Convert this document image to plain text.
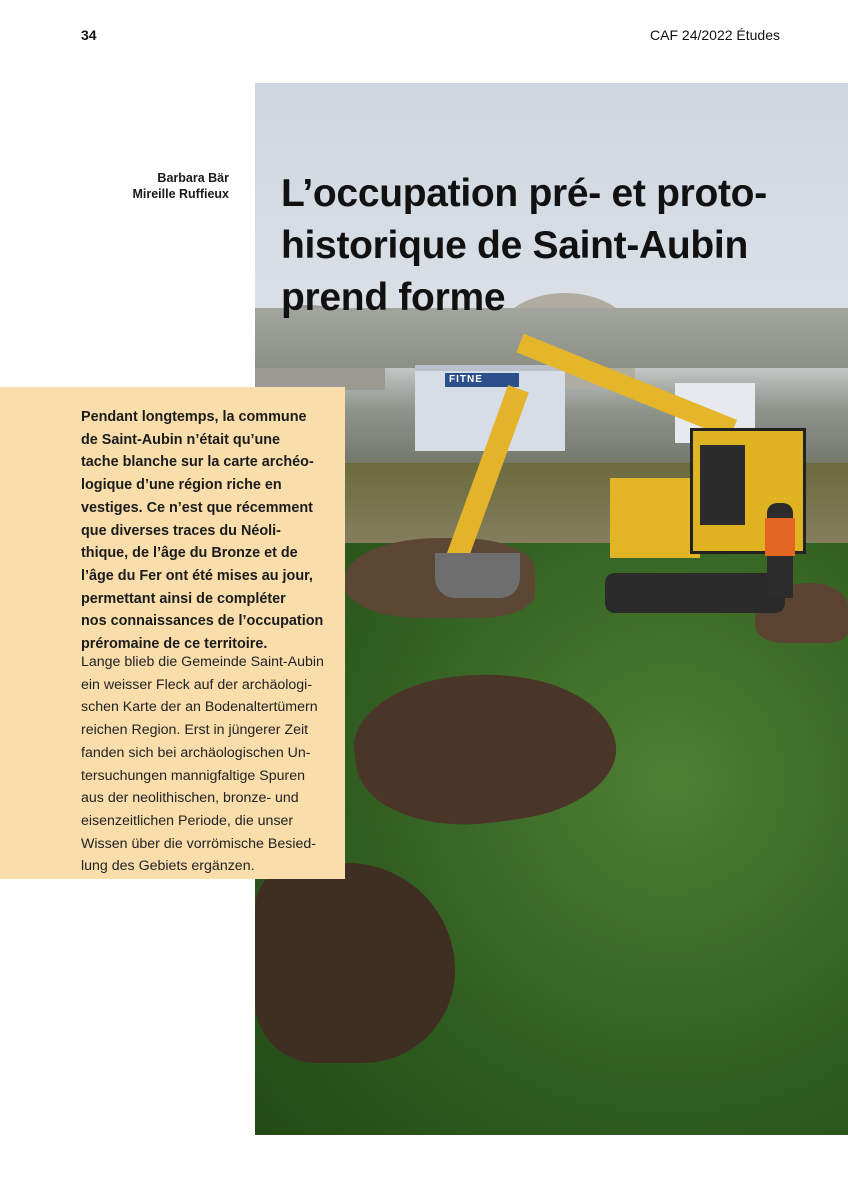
34	CAF 24/2022 Études
FITNE
Barbara Bär
Mireille Ruffieux L’occupation pré- et proto-
historique de Saint-Aubin
prend forme
Pendant longtemps, la commune
de Saint-Aubin n’était qu’une
tache blanche sur la carte archéo-
logique d’une région riche en
vestiges. Ce n’est que récemment
que diverses traces du Néoli-
thique, de l’âge du Bronze et de
l’âge du Fer ont été mises au jour,
permettant ainsi de compléter
nos connaissances de l’occupation
préromaine de ce territoire.
Lange blieb die Gemeinde Saint-Aubin
ein weisser Fleck auf der archäologi-
schen Karte der an Bodenaltertümern
reichen Region. Erst in jüngerer Zeit
fanden sich bei archäologischen Un-
tersuchungen mannigfaltige Spuren
aus der neolithischen, bronze- und
eisenzeitlichen Periode, die unser
Wissen über die vorrömische Besied-
lung des Gebiets ergänzen.
